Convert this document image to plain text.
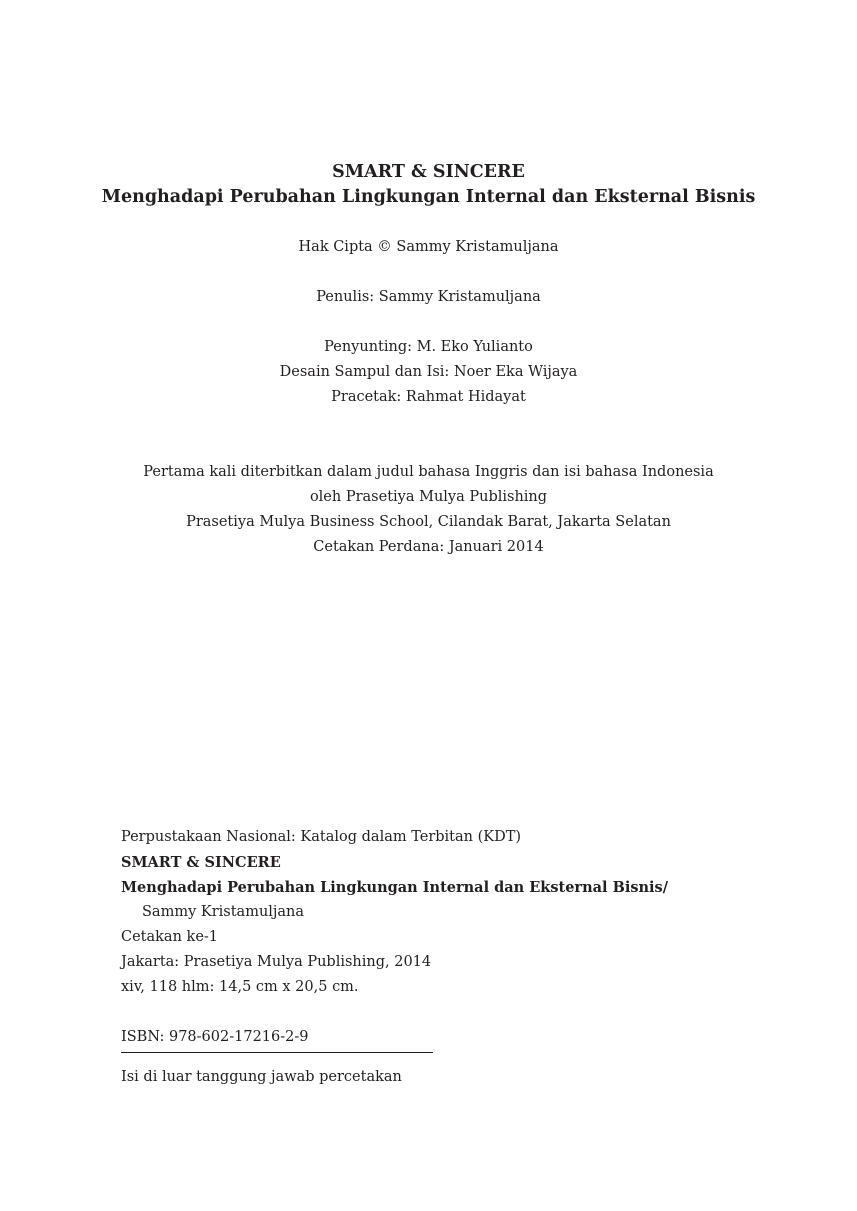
SMART & SINCERE
Menghadapi Perubahan Lingkungan Internal dan Eksternal Bisnis
Hak Cipta © Sammy Kristamuljana
Penulis: Sammy Kristamuljana
Penyunting: M. Eko Yulianto
Desain Sampul dan Isi: Noer Eka Wijaya
Pracetak: Rahmat Hidayat
Pertama kali diterbitkan dalam judul bahasa Inggris dan isi bahasa Indonesia
oleh Prasetiya Mulya Publishing
Prasetiya Mulya Business School, Cilandak Barat, Jakarta Selatan
Cetakan Perdana: Januari 2014
Perpustakaan Nasional: Katalog dalam Terbitan (KDT)
SMART & SINCERE
Menghadapi Perubahan Lingkungan Internal dan Eksternal Bisnis/
Sammy Kristamuljana
Cetakan ke-1
Jakarta: Prasetiya Mulya Publishing, 2014
xiv, 118 hlm: 14,5 cm x 20,5 cm.
ISBN: 978-602-17216-2-9
Isi di luar tanggung jawab percetakan
